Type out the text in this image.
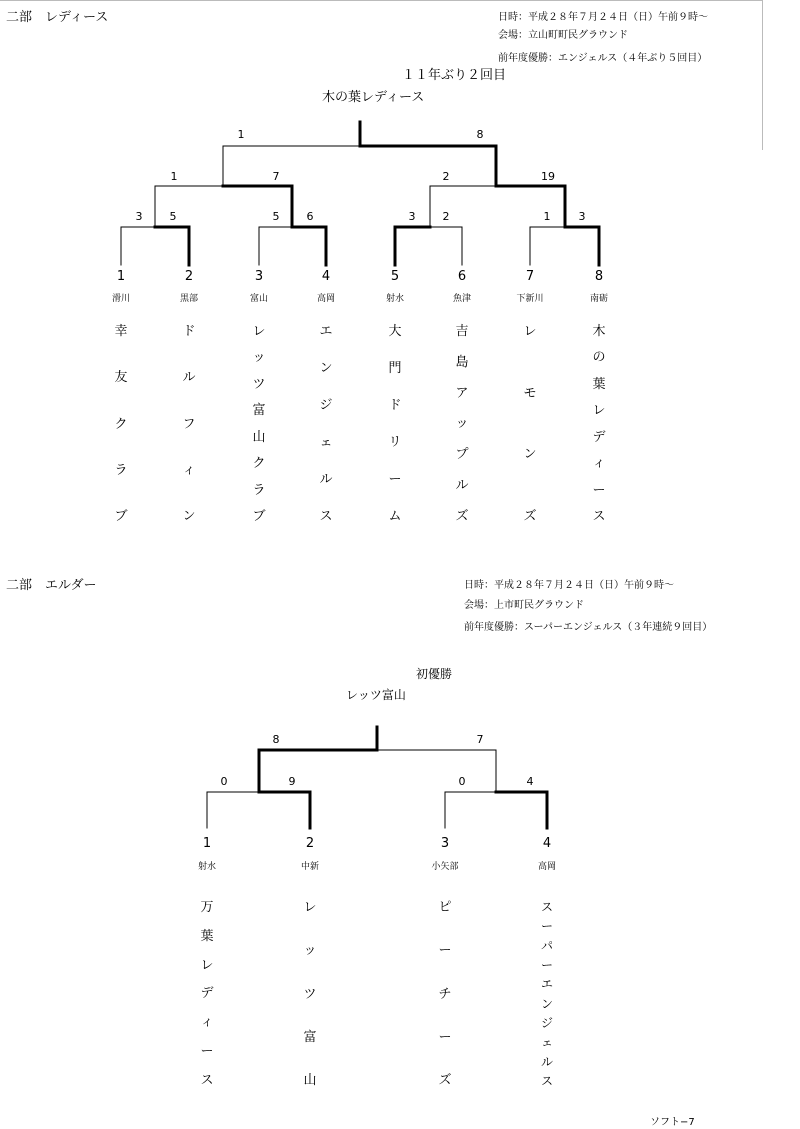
二部　レディース	日時：平成２８年７月２４日（日）午前９時～
会場：立山町町民グラウンド
前年度優勝：エンジェルス（４年ぶり５回目）
１１年ぶり２回目
木の葉レディース
1	8
1	7	2	19
3 5	5 6	3 2	1	3
1
滑川
幸
友
ク
ラ
ブ
2
黒部
ド
ル
フ
ィ
ン
3
富山
レ
ッ
ツ
富
山
ク
ラ
ブ
4
高岡
エ
ン
ジ
ェ
ル
ス
5
射水
大
門
ド
リ
ー
ム
6
魚津
吉
島
ア
ッ
プ
ル
ズ
7
下新川
レ
モ
ン
ズ
8
南砺
木
の
葉
レ
デ
ィ
ー
ス
二部　エルダー	日時：平成２８年７月２４日（日）午前９時～
会場：上市町民グラウンド
前年度優勝：スーパーエンジェルス（３年連続９回目）
初優勝
レッツ富山
8	7
0	9	0	4
1
射水
万
葉
レ
デ
ィ
ー
ス
2
中新
レ
ッ
ツ
富
山
3
小矢部
ピ
ー
チ
ー
ズ
4
高岡
ス
ー
パ
ー
エ
ン
ジ
ェ
ル
ス
ソフト−7
